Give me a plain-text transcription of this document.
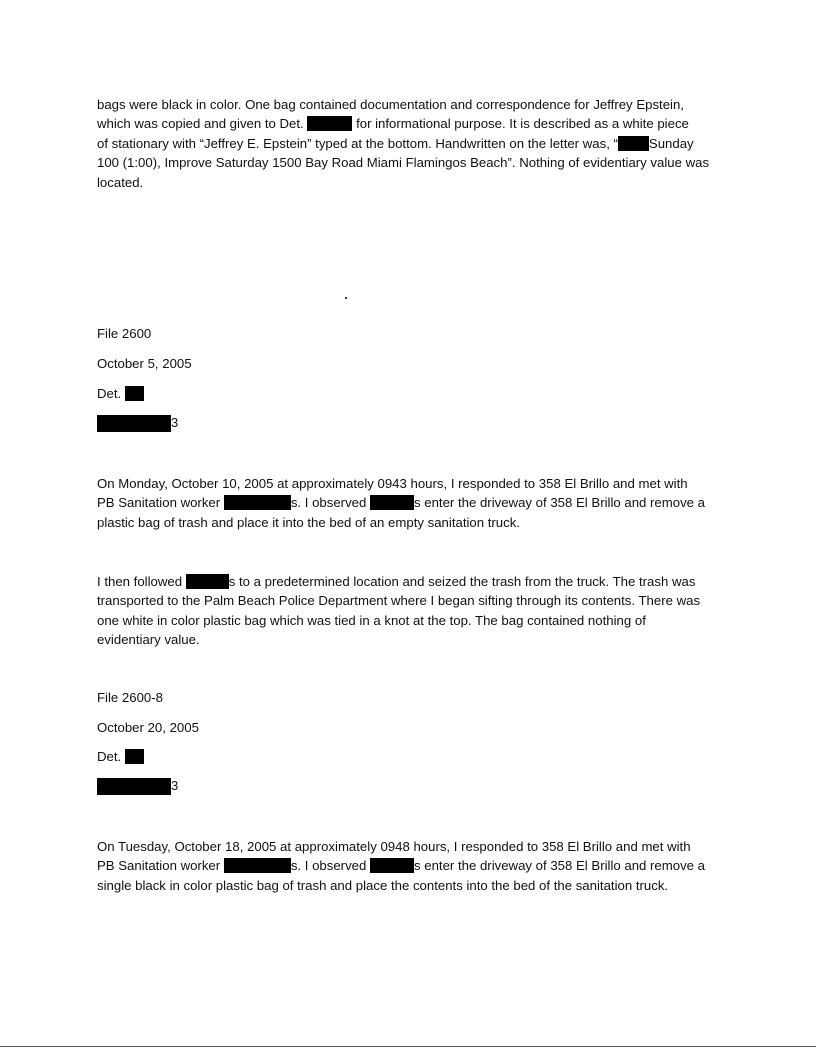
bags were black in color. One bag contained documentation and correspondence for Jeffrey Epstein,
which was copied and given to Det.	for informational purpose. It is described as a white piece
of stationary with “Jeffrey E. Epstein” typed at the bottom. Handwritten on the letter was, “ Sunday
100 (1:00), Improve Saturday 1500 Bay Road Miami Flamingos Beach”. Nothing of evidentiary value was
located.

File 2600

October 5, 2005

Det.

3
On Monday, October 10, 2005 at approximately 0943 hours, I responded to 358 El Brillo and met with
PB Sanitation worker	s. I observed	s enter the driveway of 358 El Brillo and remove a
plastic bag of trash and place it into the bed of an empty sanitation truck.
I then followed	s to a predetermined location and seized the trash from the truck. The trash was
transported to the Palm Beach Police Department where I began sifting through its contents. There was
one white in color plastic bag which was tied in a knot at the top. The bag contained nothing of
evidentiary value.

File 2600-8

October 20, 2005

Det.

3
On Tuesday, October 18, 2005 at approximately 0948 hours, I responded to 358 El Brillo and met with
PB Sanitation worker	s. I observed	s enter the driveway of 358 El Brillo and remove a
single black in color plastic bag of trash and place the contents into the bed of the sanitation truck.
